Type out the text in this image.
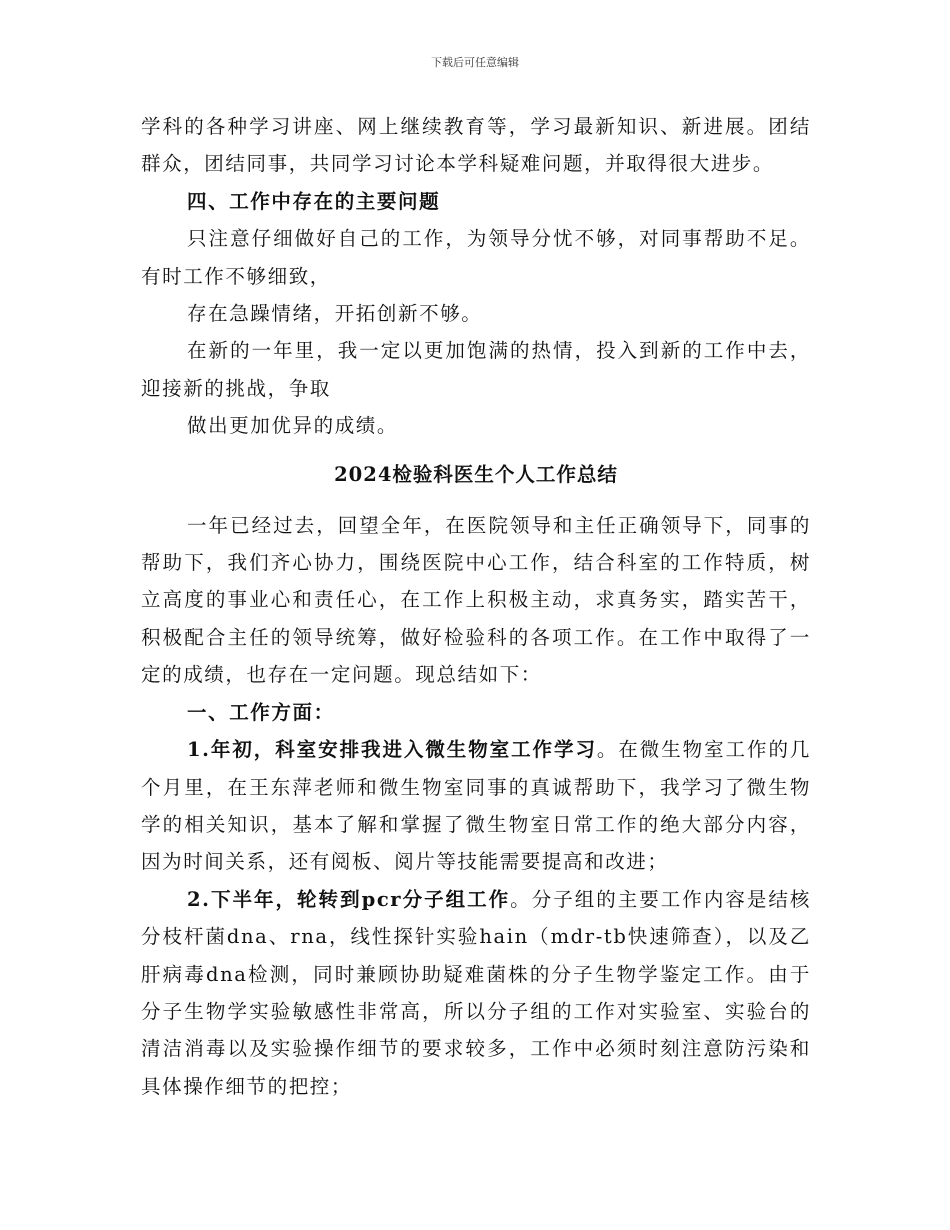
下载后可任意编辑

学科的各种学习讲座、网上继续教育等，学习最新知识、新进展。团结群众，团结同事，共同学习讨论本学科疑难问题，并取得很大进步。

四、工作中存在的主要问题

只注意仔细做好自己的工作，为领导分忧不够，对同事帮助不足。有时工作不够细致，

存在急躁情绪，开拓创新不够。

在新的一年里，我一定以更加饱满的热情，投入到新的工作中去，迎接新的挑战，争取

做出更加优异的成绩。

2024检验科医生个人工作总结

一年已经过去，回望全年，在医院领导和主任正确领导下，同事的帮助下，我们齐心协力，围绕医院中心工作，结合科室的工作特质，树立高度的事业心和责任心，在工作上积极主动，求真务实，踏实苦干，积极配合主任的领导统筹，做好检验科的各项工作。在工作中取得了一定的成绩，也存在一定问题。现总结如下：

一、工作方面：

1.年初，科室安排我进入微生物室工作学习。在微生物室工作的几个月里，在王东萍老师和微生物室同事的真诚帮助下，我学习了微生物学的相关知识，基本了解和掌握了微生物室日常工作的绝大部分内容，因为时间关系，还有阅板、阅片等技能需要提高和改进；

2.下半年，轮转到pcr分子组工作。分子组的主要工作内容是结核分枝杆菌dna、rna，线性探针实验hain（mdr-tb快速筛查），以及乙肝病毒dna检测，同时兼顾协助疑难菌株的分子生物学鉴定工作。由于分子生物学实验敏感性非常高，所以分子组的工作对实验室、实验台的清洁消毒以及实验操作细节的要求较多，工作中必须时刻注意防污染和具体操作细节的把控；
